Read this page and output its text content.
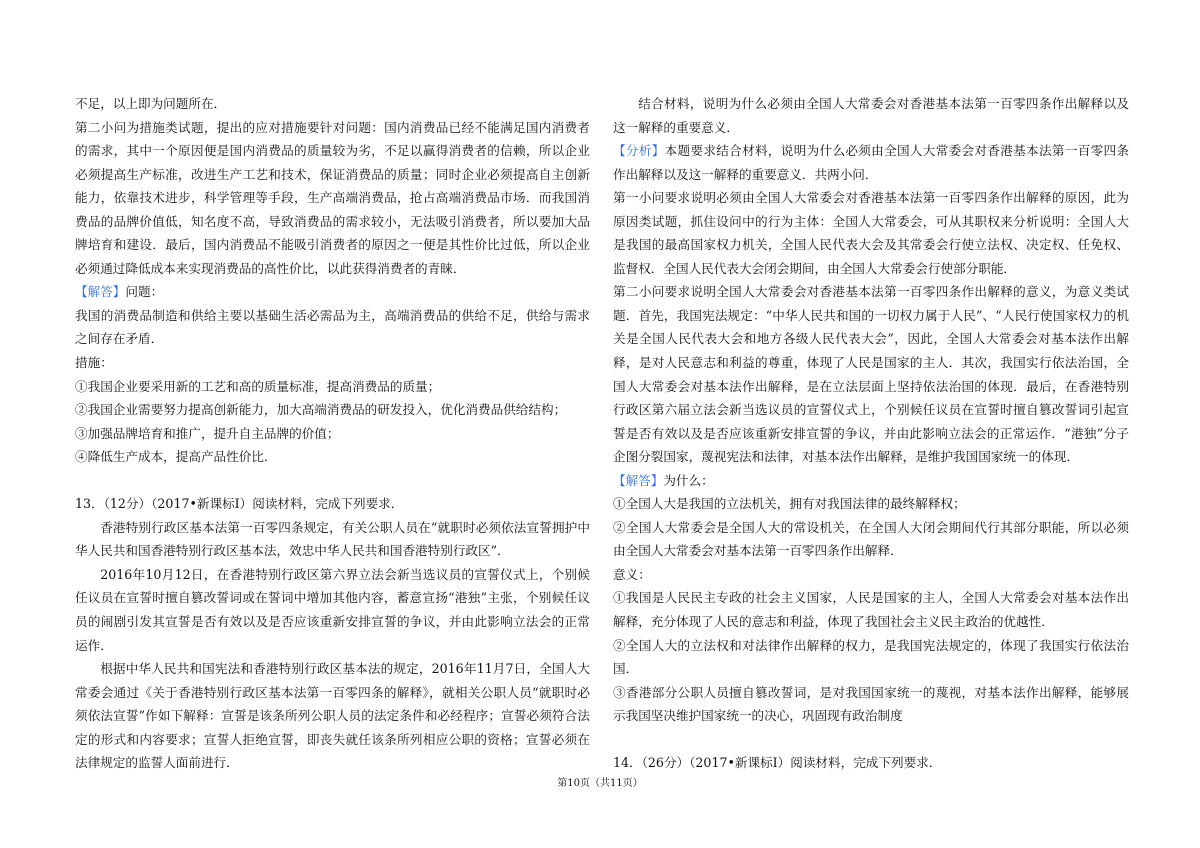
不足，以上即为问题所在．

第二小问为措施类试题，提出的应对措施要针对问题：国内消费品已经不能满足国内消费者的需求，其中一个原因便是国内消费品的质量较为劣，不足以赢得消费者的信赖，所以企业必须提高生产标准，改进生产工艺和技术，保证消费品的质量；同时企业必须提高自主创新能力，依靠技术进步，科学管理等手段，生产高端消费品，抢占高端消费品市场．而我国消费品的品牌价值低，知名度不高，导致消费品的需求较小，无法吸引消费者，所以要加大品牌培育和建设．最后，国内消费品不能吸引消费者的原因之一便是其性价比过低，所以企业必须通过降低成本来实现消费品的高性价比，以此获得消费者的青睐．

【解答】问题：

我国的消费品制造和供给主要以基础生活必需品为主，高端消费品的供给不足，供给与需求之间存在矛盾．

措施：

①我国企业要采用新的工艺和高的质量标准，提高消费品的质量；

②我国企业需要努力提高创新能力，加大高端消费品的研发投入，优化消费品供给结构；

③加强品牌培育和推广，提升自主品牌的价值；

④降低生产成本，提高产品性价比．

13．（12分）（2017•新课标Ⅰ）阅读材料，完成下列要求．

香港特别行政区基本法第一百零四条规定，有关公职人员在“就职时必须依法宣誓拥护中华人民共和国香港特别行政区基本法，效忠中华人民共和国香港特别行政区”．

2016年10月12日，在香港特别行政区第六界立法会新当选议员的宣誓仪式上，个别候任议员在宣誓时擅自篡改誓词或在誓词中增加其他内容，蓄意宣扬“港独”主张，个别候任议员的闹剧引发其宣誓是否有效以及是否应该重新安排宣誓的争议，并由此影响立法会的正常运作．

根据中华人民共和国宪法和香港特别行政区基本法的规定，2016年11月7日，全国人大常委会通过《关于香港特别行政区基本法第一百零四条的解释》，就相关公职人员“就职时必须依法宣誓”作如下解释：宣誓是该条所列公职人员的法定条件和必经程序；宣誓必须符合法定的形式和内容要求；宣誓人拒绝宣誓，即丧失就任该条所列相应公职的资格；宣誓必须在法律规定的监誓人面前进行．

结合材料，说明为什么必须由全国人大常委会对香港基本法第一百零四条作出解释以及这一解释的重要意义．

【分析】本题要求结合材料，说明为什么必须由全国人大常委会对香港基本法第一百零四条作出解释以及这一解释的重要意义．共两小问．

第一小问要求说明必须由全国人大常委会对香港基本法第一百零四条作出解释的原因，此为原因类试题，抓住设问中的行为主体：全国人大常委会，可从其职权来分析说明：全国人大是我国的最高国家权力机关，全国人民代表大会及其常委会行使立法权、决定权、任免权、监督权．全国人民代表大会闭会期间，由全国人大常委会行使部分职能．

第二小问要求说明全国人大常委会对香港基本法第一百零四条作出解释的意义，为意义类试题．首先，我国宪法规定：“中华人民共和国的一切权力属于人民”、“人民行使国家权力的机关是全国人民代表大会和地方各级人民代表大会”，因此，全国人大常委会对基本法作出解释，是对人民意志和利益的尊重，体现了人民是国家的主人．其次，我国实行依法治国，全国人大常委会对基本法作出解释，是在立法层面上坚持依法治国的体现．最后，在香港特别行政区第六届立法会新当选议员的宣誓仪式上，个别候任议员在宣誓时擅自篡改誓词引起宣誓是否有效以及是否应该重新安排宣誓的争议，并由此影响立法会的正常运作．“港独”分子企图分裂国家，蔑视宪法和法律，对基本法作出解释，是维护我国国家统一的体现．

【解答】为什么：

①全国人大是我国的立法机关，拥有对我国法律的最终解释权；

②全国人大常委会是全国人大的常设机关，在全国人大闭会期间代行其部分职能，所以必须由全国人大常委会对基本法第一百零四条作出解释．

意义：

①我国是人民民主专政的社会主义国家，人民是国家的主人，全国人大常委会对基本法作出解释，充分体现了人民的意志和利益，体现了我国社会主义民主政治的优越性．

②全国人大的立法权和对法律作出解释的权力，是我国宪法规定的，体现了我国实行依法治国．

③香港部分公职人员擅自篡改誓词，是对我国国家统一的蔑视，对基本法作出解释，能够展示我国坚决维护国家统一的决心，巩固现有政治制度

14．（26分）（2017•新课标Ⅰ）阅读材料，完成下列要求．

第10页（共11页）
